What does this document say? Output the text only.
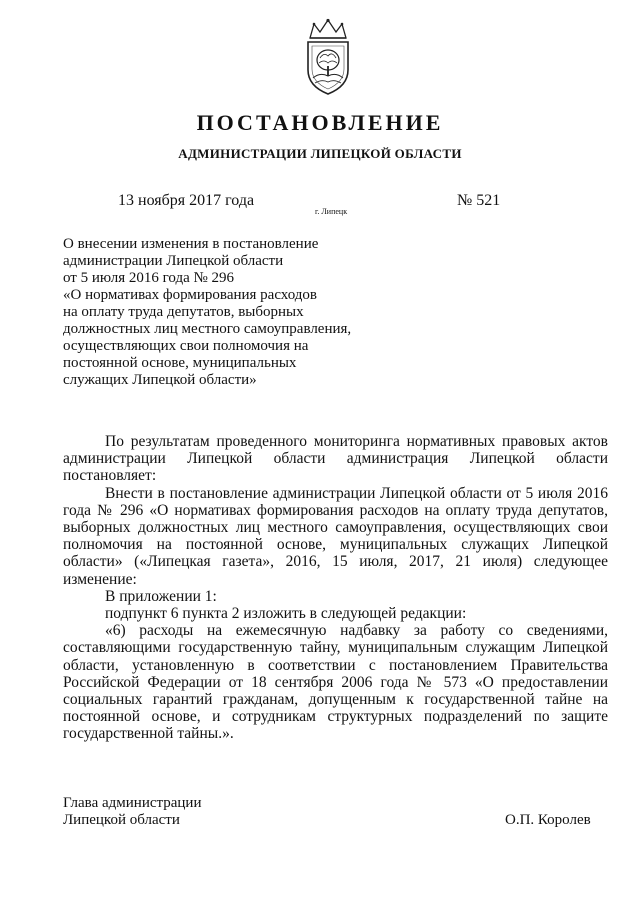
ПОСТАНОВЛЕНИЕ
АДМИНИСТРАЦИИ ЛИПЕЦКОЙ ОБЛАСТИ
13 ноября 2017 года
г. Липецк
№ 521
О внесении изменения в постановление
администрации Липецкой области
от 5 июля 2016 года № 296
«О нормативах формирования расходов
на оплату труда депутатов, выборных
должностных лиц местного самоуправления,
осуществляющих свои полномочия на
постоянной основе, муниципальных
служащих Липецкой области»

По результатам проведенного мониторинга нормативных правовых актов администрации Липецкой области администрация Липецкой области постановляет:

Внести в постановление администрации Липецкой области от 5 июля 2016 года № 296 «О нормативах формирования расходов на оплату труда депутатов, выборных должностных лиц местного самоуправления, осуществляющих свои полномочия на постоянной основе, муниципальных служащих Липецкой области» («Липецкая газета», 2016, 15 июля, 2017, 21 июля) следующее изменение:

В приложении 1:

подпункт 6 пункта 2 изложить в следующей редакции:

«6) расходы на ежемесячную надбавку за работу со сведениями, составляющими государственную тайну, муниципальным служащим Липецкой области, установленную в соответствии с постановлением Правительства Российской Федерации от 18 сентября 2006 года № 573 «О предоставлении социальных гарантий гражданам, допущенным к государственной тайне на постоянной основе, и сотрудникам структурных подразделений по защите государственной тайны.».

Глава администрации
Липецкой области	О.П. Королев
